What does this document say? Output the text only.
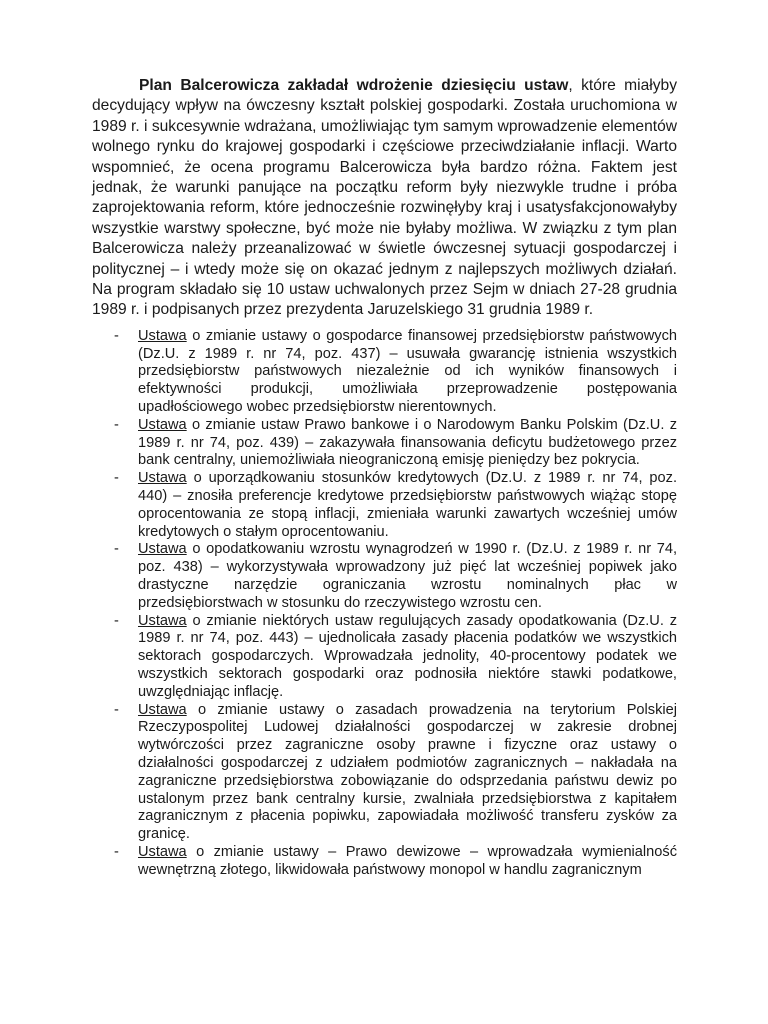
Plan Balcerowicza zakładał wdrożenie dziesięciu ustaw, które miałyby decydujący wpływ na ówczesny kształt polskiej gospodarki. Została uruchomiona w 1989 r. i sukcesywnie wdrażana, umożliwiając tym samym wprowadzenie elementów wolnego rynku do krajowej gospodarki i częściowe przeciwdziałanie inflacji. Warto wspomnieć, że ocena programu Balcerowicza była bardzo różna. Faktem jest jednak, że warunki panujące na początku reform były niezwykle trudne i próba zaprojektowania reform, które jednocześnie rozwinęłyby kraj i usatysfakcjonowałyby wszystkie warstwy społeczne, być może nie byłaby możliwa. W związku z tym plan Balcerowicza należy przeanalizować w świetle ówczesnej sytuacji gospodarczej i politycznej – i wtedy może się on okazać jednym z najlepszych możliwych działań. Na program składało się 10 ustaw uchwalonych przez Sejm w dniach 27-28 grudnia 1989 r. i podpisanych przez prezydenta Jaruzelskiego 31 grudnia 1989 r.

- Ustawa o zmianie ustawy o gospodarce finansowej przedsiębiorstw państwowych (Dz.U. z 1989 r. nr 74, poz. 437) – usuwała gwarancję istnienia wszystkich przedsiębiorstw państwowych niezależnie od ich wyników finansowych i efektywności produkcji, umożliwiała przeprowadzenie postępowania upadłościowego wobec przedsiębiorstw nierentownych.
- Ustawa o zmianie ustaw Prawo bankowe i o Narodowym Banku Polskim (Dz.U. z 1989 r. nr 74, poz. 439) – zakazywała finansowania deficytu budżetowego przez bank centralny, uniemożliwiała nieograniczoną emisję pieniędzy bez pokrycia.
- Ustawa o uporządkowaniu stosunków kredytowych (Dz.U. z 1989 r. nr 74, poz. 440) – znosiła preferencje kredytowe przedsiębiorstw państwowych wiążąc stopę oprocentowania ze stopą inflacji, zmieniała warunki zawartych wcześniej umów kredytowych o stałym oprocentowaniu.
- Ustawa o opodatkowaniu wzrostu wynagrodzeń w 1990 r. (Dz.U. z 1989 r. nr 74, poz. 438) – wykorzystywała wprowadzony już pięć lat wcześniej popiwek jako drastyczne narzędzie ograniczania wzrostu nominalnych płac w przedsiębiorstwach w stosunku do rzeczywistego wzrostu cen.
- Ustawa o zmianie niektórych ustaw regulujących zasady opodatkowania (Dz.U. z 1989 r. nr 74, poz. 443) – ujednolicała zasady płacenia podatków we wszystkich sektorach gospodarczych. Wprowadzała jednolity, 40-procentowy podatek we wszystkich sektorach gospodarki oraz podnosiła niektóre stawki podatkowe, uwzględniając inflację.
- Ustawa o zmianie ustawy o zasadach prowadzenia na terytorium Polskiej Rzeczypospolitej Ludowej działalności gospodarczej w zakresie drobnej wytwórczości przez zagraniczne osoby prawne i fizyczne oraz ustawy o działalności gospodarczej z udziałem podmiotów zagranicznych – nakładała na zagraniczne przedsiębiorstwa zobowiązanie do odsprzedania państwu dewiz po ustalonym przez bank centralny kursie, zwalniała przedsiębiorstwa z kapitałem zagranicznym z płacenia popiwku, zapowiadała możliwość transferu zysków za granicę.
- Ustawa o zmianie ustawy – Prawo dewizowe – wprowadzała wymienialność wewnętrzną złotego, likwidowała państwowy monopol w handlu zagranicznym
